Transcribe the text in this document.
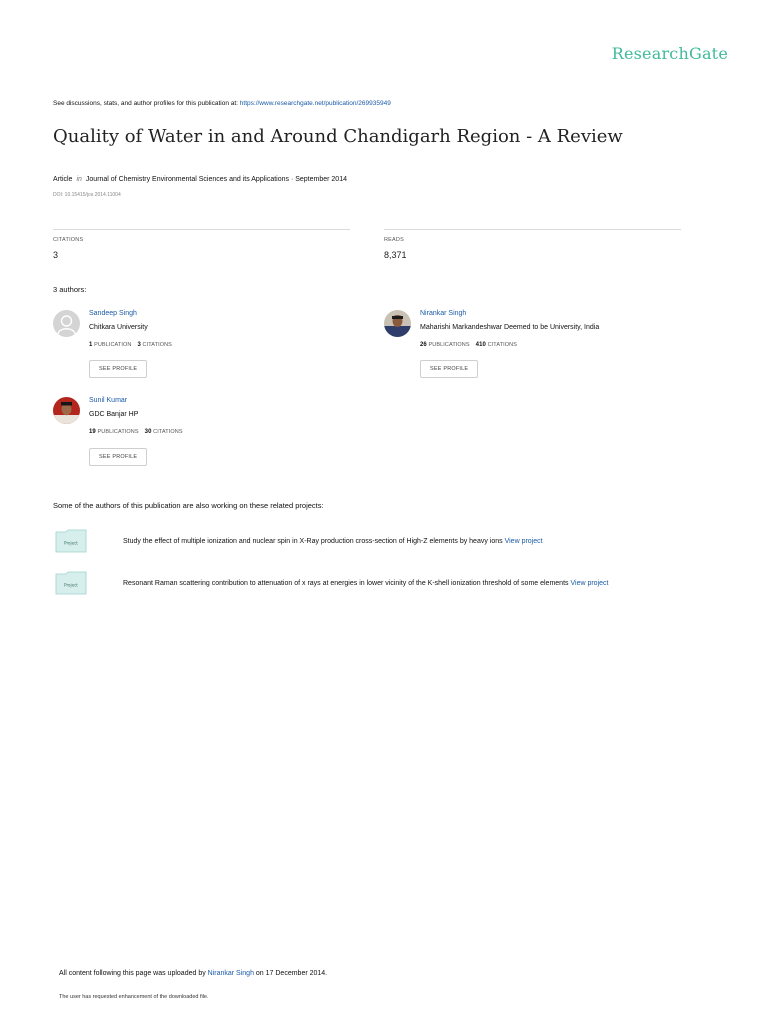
ResearchGate
See discussions, stats, and author profiles for this publication at: https://www.researchgate.net/publication/269935949
Quality of Water in and Around Chandigarh Region - A Review
Article in Journal of Chemistry Environmental Sciences and its Applications · September 2014
DOI: 10.15415/jce.2014.11004
CITATIONS
3
READS
8,371
3 authors:
Sandeep Singh
Chitkara University
1 PUBLICATION 3 CITATIONS
SEE PROFILE
Nirankar Singh
Maharishi Markandeshwar Deemed to be University, India
26 PUBLICATIONS 410 CITATIONS
SEE PROFILE
Sunil Kumar
GDC Banjar HP
19 PUBLICATIONS 30 CITATIONS
SEE PROFILE
Some of the authors of this publication are also working on these related projects:
Project	Study the effect of multiple ionization and nuclear spin in X-Ray production cross-section of High-Z elements by heavy ions View project
Project	Resonant Raman scattering contribution to attenuation of x rays at energies in lower vicinity of the K-shell ionization threshold of some elements View project
All content following this page was uploaded by Nirankar Singh on 17 December 2014.
The user has requested enhancement of the downloaded file.
